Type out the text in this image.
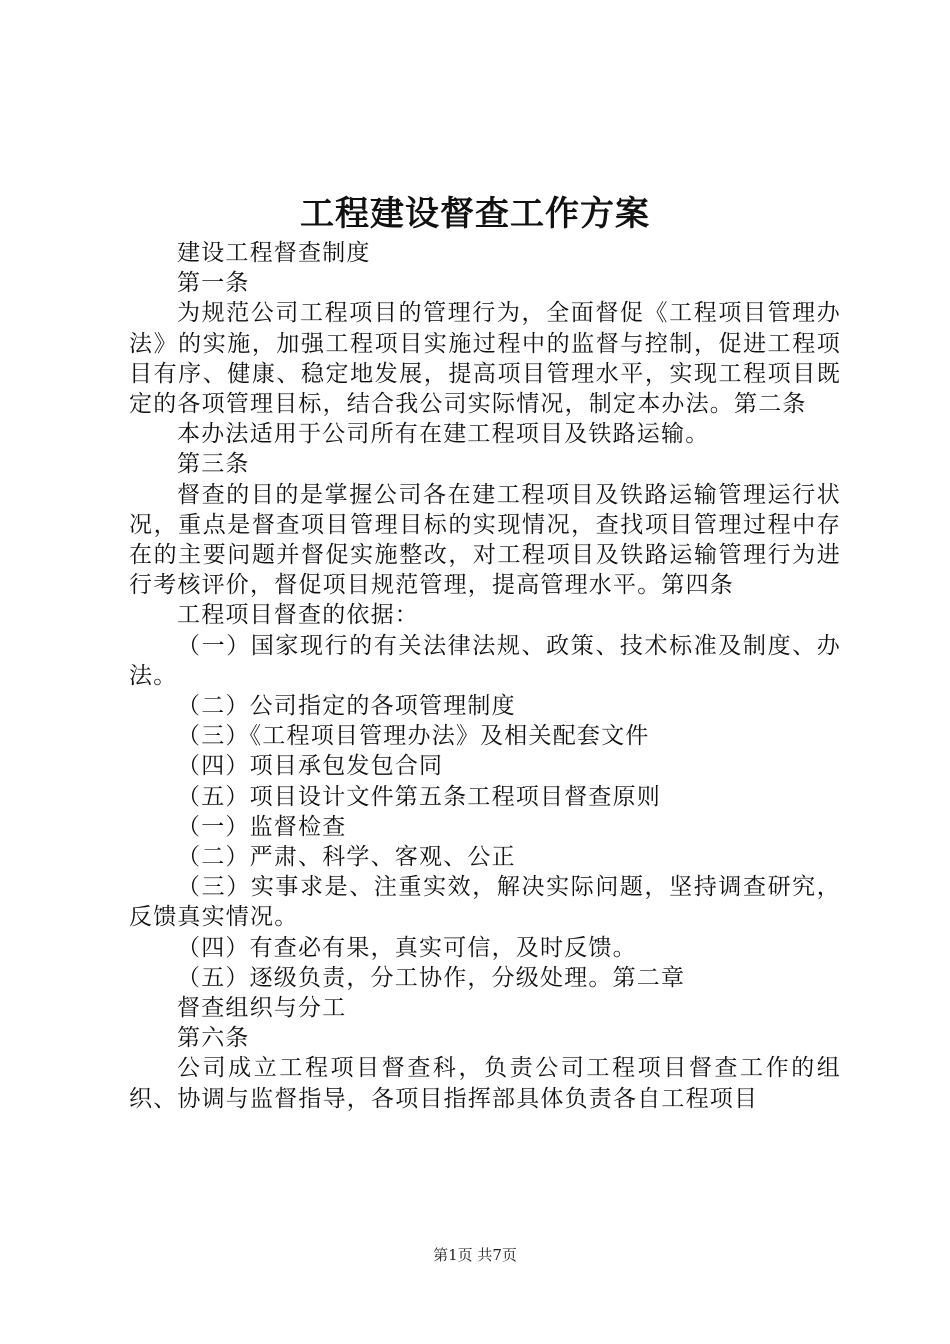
工程建设督查工作方案

建设工程督查制度

第一条

为规范公司工程项目的管理行为，全面督促《工程项目管理办法》的实施，加强工程项目实施过程中的监督与控制，促进工程项目有序、健康、稳定地发展，提高项目管理水平，实现工程项目既定的各项管理目标，结合我公司实际情况，制定本办法。第二条

本办法适用于公司所有在建工程项目及铁路运输。

第三条

督查的目的是掌握公司各在建工程项目及铁路运输管理运行状况，重点是督查项目管理目标的实现情况，查找项目管理过程中存在的主要问题并督促实施整改，对工程项目及铁路运输管理行为进行考核评价，督促项目规范管理，提高管理水平。第四条

工程项目督查的依据：

（一）国家现行的有关法律法规、政策、技术标准及制度、办法。

（二）公司指定的各项管理制度

（三）《工程项目管理办法》及相关配套文件

（四）项目承包发包合同

（五）项目设计文件第五条工程项目督查原则

（一）监督检查

（二）严肃、科学、客观、公正

（三）实事求是、注重实效，解决实际问题，坚持调查研究，反馈真实情况。

（四）有查必有果，真实可信，及时反馈。

（五）逐级负责，分工协作，分级处理。第二章

督查组织与分工

第六条

公司成立工程项目督查科，负责公司工程项目督查工作的组织、协调与监督指导，各项目指挥部具体负责各自工程项目

第1页 共7页
